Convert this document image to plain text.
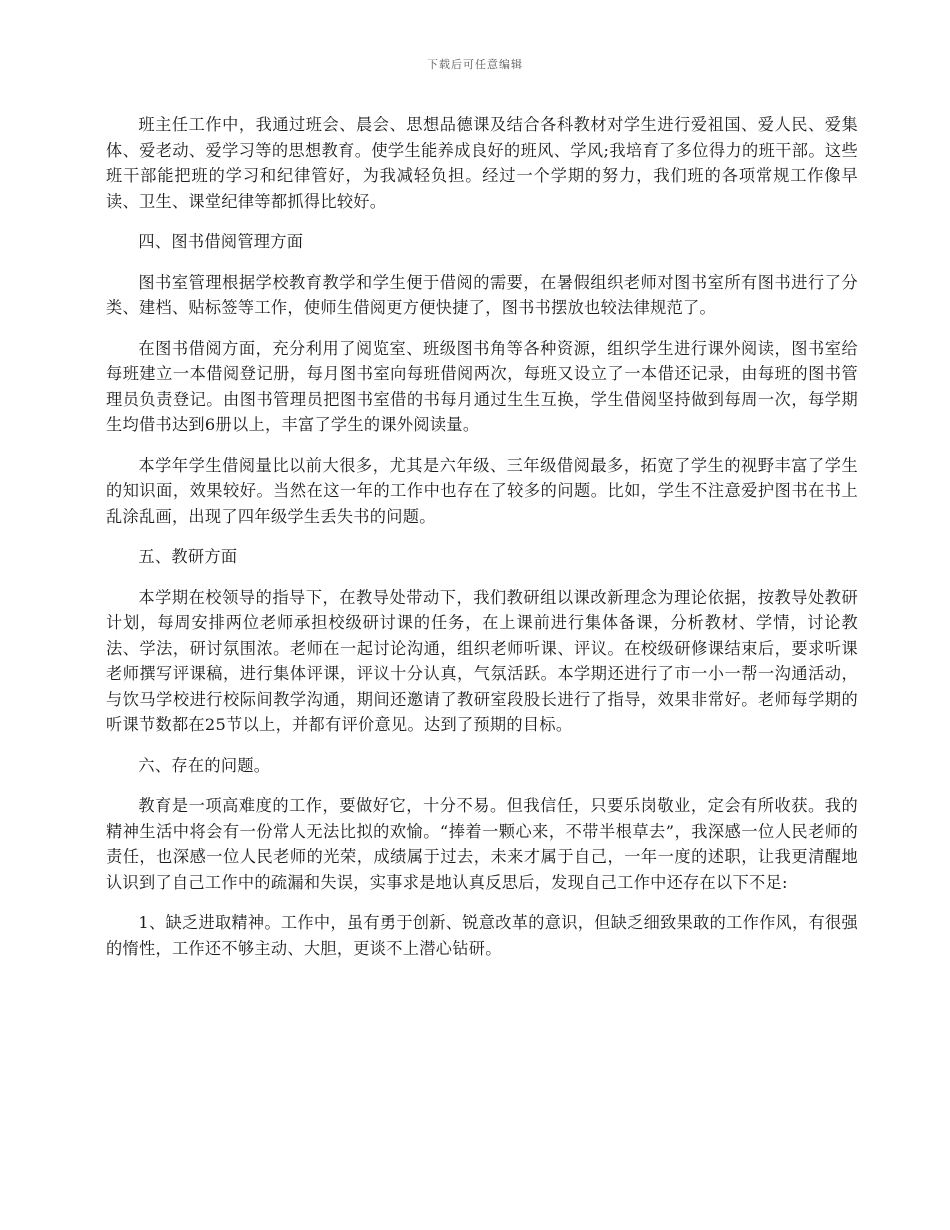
下载后可任意编辑

班主任工作中，我通过班会、晨会、思想品德课及结合各科教材对学生进行爱祖国、爱人民、爱集体、爱老动、爱学习等的思想教育。使学生能养成良好的班风、学风;我培育了多位得力的班干部。这些班干部能把班的学习和纪律管好，为我减轻负担。经过一个学期的努力，我们班的各项常规工作像早读、卫生、课堂纪律等都抓得比较好。

四、图书借阅管理方面

图书室管理根据学校教育教学和学生便于借阅的需要，在暑假组织老师对图书室所有图书进行了分类、建档、贴标签等工作，使师生借阅更方便快捷了，图书书摆放也较法律规范了。

在图书借阅方面，充分利用了阅览室、班级图书角等各种资源，组织学生进行课外阅读，图书室给每班建立一本借阅登记册，每月图书室向每班借阅两次，每班又设立了一本借还记录，由每班的图书管理员负责登记。由图书管理员把图书室借的书每月通过生生互换，学生借阅坚持做到每周一次，每学期生均借书达到6册以上，丰富了学生的课外阅读量。

本学年学生借阅量比以前大很多，尤其是六年级、三年级借阅最多，拓宽了学生的视野丰富了学生的知识面，效果较好。当然在这一年的工作中也存在了较多的问题。比如，学生不注意爱护图书在书上乱涂乱画，出现了四年级学生丢失书的问题。

五、教研方面

本学期在校领导的指导下，在教导处带动下，我们教研组以课改新理念为理论依据，按教导处教研计划，每周安排两位老师承担校级研讨课的任务，在上课前进行集体备课，分析教材、学情，讨论教法、学法，研讨氛围浓。老师在一起讨论沟通，组织老师听课、评议。在校级研修课结束后，要求听课老师撰写评课稿，进行集体评课，评议十分认真，气氛活跃。本学期还进行了市一小一帮一沟通活动，与饮马学校进行校际间教学沟通，期间还邀请了教研室段股长进行了指导，效果非常好。老师每学期的听课节数都在25节以上，并都有评价意见。达到了预期的目标。

六、存在的问题。

教育是一项高难度的工作，要做好它，十分不易。但我信任，只要乐岗敬业，定会有所收获。我的精神生活中将会有一份常人无法比拟的欢愉。“捧着一颗心来，不带半根草去”，我深感一位人民老师的责任，也深感一位人民老师的光荣，成绩属于过去，未来才属于自己，一年一度的述职，让我更清醒地认识到了自己工作中的疏漏和失误，实事求是地认真反思后，发现自己工作中还存在以下不足:

1、缺乏进取精神。工作中，虽有勇于创新、锐意改革的意识，但缺乏细致果敢的工作作风，有很强的惰性，工作还不够主动、大胆，更谈不上潜心钻研。
